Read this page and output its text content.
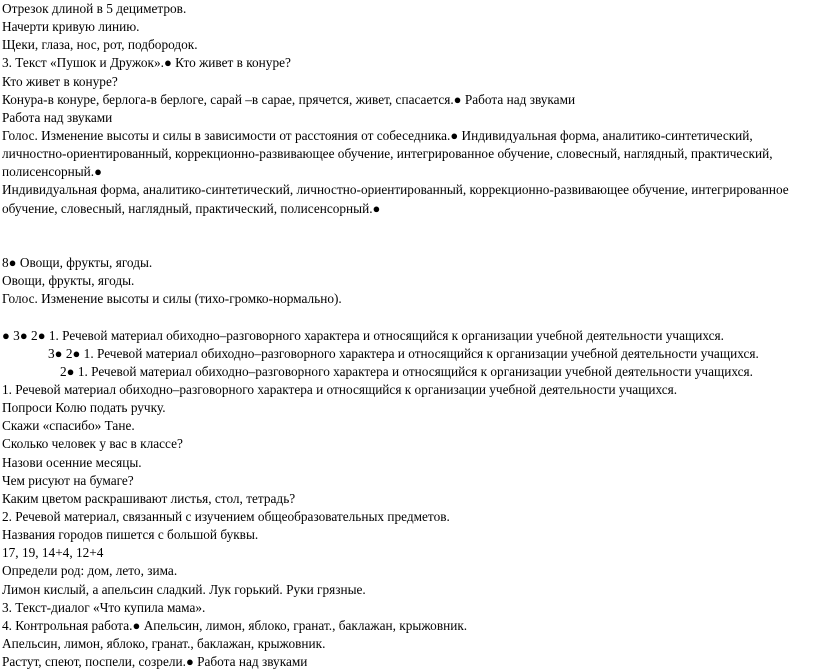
Отрезок длиной в 5 дециметров.

Начерти кривую линию.

Щеки, глаза, нос, рот, подбородок.

3. Текст «Пушок и Дружок».● Кто живет в конуре?

Кто живет в конуре?

Конура-в конуре, берлога-в берлоге, сарай –в сарае, прячется, живет, спасается.● Работа над звуками

Работа над звуками

Голос. Изменение высоты и силы в зависимости от расстояния от собеседника.● Индивидуальная форма, аналитико-синтетический,

личностно-ориентированный, коррекционно-развивающее обучение, интегрированное обучение, словесный, наглядный, практический,

полисенсорный.●

Индивидуальная форма, аналитико-синтетический, личностно-ориентированный, коррекционно-развивающее обучение, интегрированное

обучение, словесный, наглядный, практический, полисенсорный.●

8● Овощи, фрукты, ягоды.

Овощи, фрукты, ягоды.

Голос. Изменение высоты и силы (тихо-громко-нормально).

● 3● 2● 1. Речевой материал обиходно–разговорного характера и относящийся к организации учебной деятельности учащихся.

3● 2● 1. Речевой материал обиходно–разговорного характера и относящийся к организации учебной деятельности учащихся.

2● 1. Речевой материал обиходно–разговорного характера и относящийся к организации учебной деятельности учащихся.

1. Речевой материал обиходно–разговорного характера и относящийся к организации учебной деятельности учащихся.

Попроси Колю подать ручку.

Скажи «спасибо» Тане.

Сколько человек у вас в классе?

Назови осенние месяцы.

Чем рисуют на бумаге?

Каким цветом раскрашивают листья, стол, тетрадь?

2. Речевой материал, связанный с изучением общеобразовательных предметов.

Названия городов пишется с большой буквы.

17, 19, 14+4, 12+4

Определи род: дом, лето, зима.

Лимон кислый, а апельсин сладкий. Лук горький. Руки грязные.

3. Текст-диалог «Что купила мама».

4. Контрольная работа.● Апельсин, лимон, яблоко, гранат., баклажан, крыжовник.

Апельсин, лимон, яблоко, гранат., баклажан, крыжовник.

Растут, спеют, поспели, созрели.● Работа над звуками
